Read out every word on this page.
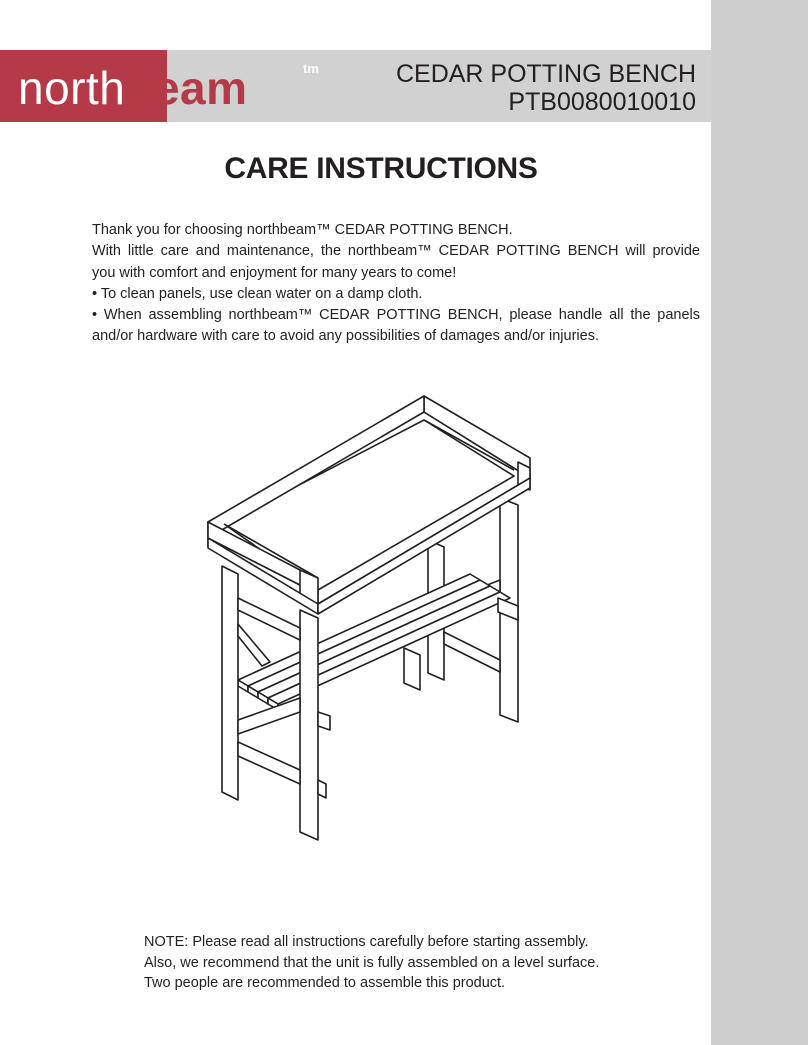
northbeam	tm	CEDAR POTTING BENCH
PTB0080010010
CARE INSTRUCTIONS

Thank you for choosing northbeam™ CEDAR POTTING BENCH.

With little care and maintenance, the northbeam™ CEDAR POTTING BENCH will provide

you with comfort and enjoyment for many years to come!

• To clean panels, use clean water on a damp cloth.

• When assembling northbeam™ CEDAR POTTING BENCH, please handle all the panels

and/or hardware with care to avoid any possibilities of damages and/or injuries.

NOTE: Please read all instructions carefully before starting assembly.

Also, we recommend that the unit is fully assembled on a level surface.

Two people are recommended to assemble this product.
